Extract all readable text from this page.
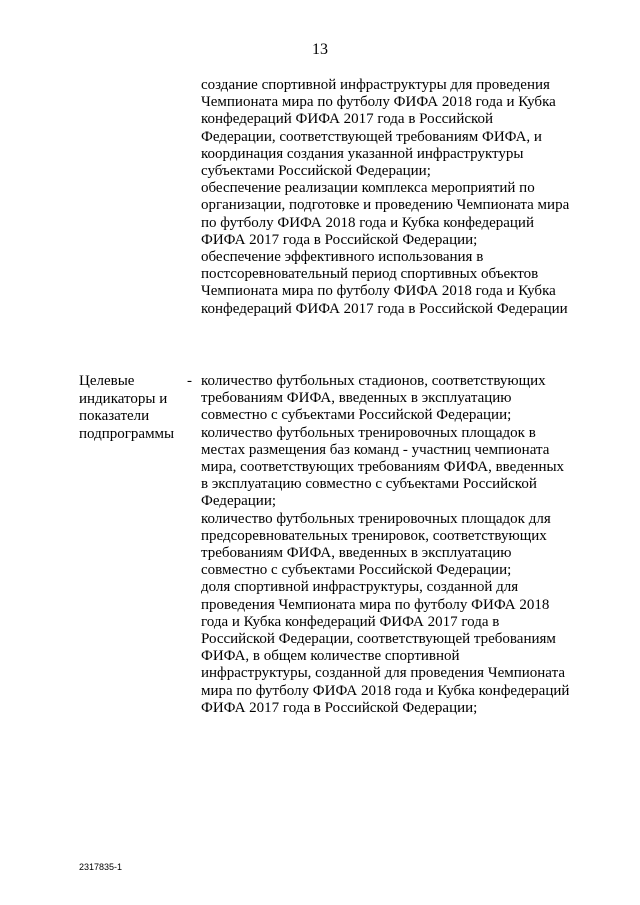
13

создание спортивной инфраструктуры для проведения Чемпионата мира по футболу ФИФА 2018 года и Кубка конфедераций ФИФА 2017 года в Российской Федерации, соответствующей требованиям ФИФА, и координация создания указанной инфраструктуры субъектами Российской Федерации;

обеспечение реализации комплекса мероприятий по организации, подготовке и проведению Чемпионата мира по футболу ФИФА 2018 года и Кубка конфедераций ФИФА 2017 года в Российской Федерации;

обеспечение эффективного использования в постсоревновательный период спортивных объектов Чемпионата мира по футболу ФИФА 2018 года и Кубка конфедераций ФИФА 2017 года в Российской Федерации

Целевые индикаторы и показатели подпрограммы
- количество футбольных стадионов, соответствующих требованиям ФИФА, введенных в эксплуатацию совместно с субъектами Российской Федерации;

количество футбольных тренировочных площадок в местах размещения баз команд - участниц чемпионата мира, соответствующих требованиям ФИФА, введенных в эксплуатацию совместно с субъектами Российской Федерации;

количество футбольных тренировочных площадок для предсоревновательных тренировок, соответствующих требованиям ФИФА, введенных в эксплуатацию совместно с субъектами Российской Федерации;

доля спортивной инфраструктуры, созданной для проведения Чемпионата мира по футболу ФИФА 2018 года и Кубка конфедераций ФИФА 2017 года в Российской Федерации, соответствующей требованиям ФИФА, в общем количестве спортивной инфраструктуры, созданной для проведения Чемпионата мира по футболу ФИФА 2018 года и Кубка конфедераций ФИФА 2017 года в Российской Федерации;

2317835-1
